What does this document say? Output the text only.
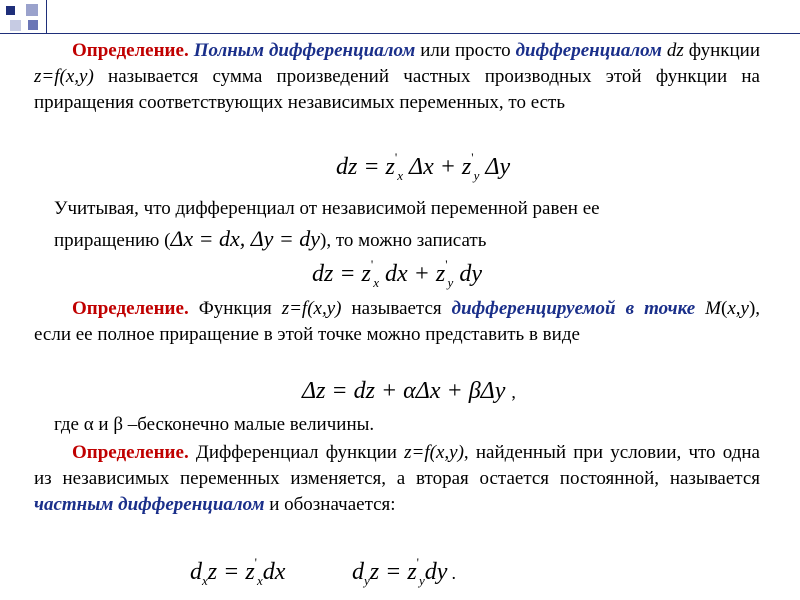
Определение. Полным дифференциалом или просто дифференциалом dz функции z=f(x,y) называется сумма произведений частных производных этой функции на приращения соответствующих независимых переменных, то есть
dz = $z'_x$ $\Delta x + z'_y$ Δy
Учитывая, что дифференциал от независимой переменной равен ее
приращению (Δx = dx, Δy = dy), то можно записать
dz = $z'_x$ dx + $z'_y$ dy
Определение. Функция z=f(x,y) называется дифференцируемой в точке M(x,y), если ее полное приращение в этой точке можно представить в виде
Δz = dz + αΔx + βΔy ,
где α и β –бесконечно малые величины.
Определение. Дифференциал функции z=f(x,y), найденный при условии, что одна из независимых переменных изменяется, а вторая остается постоянной, называется частным дифференциалом и обозначается:
$d_xz = z'_xdx$	$d_yz = z'_ydy$ .
